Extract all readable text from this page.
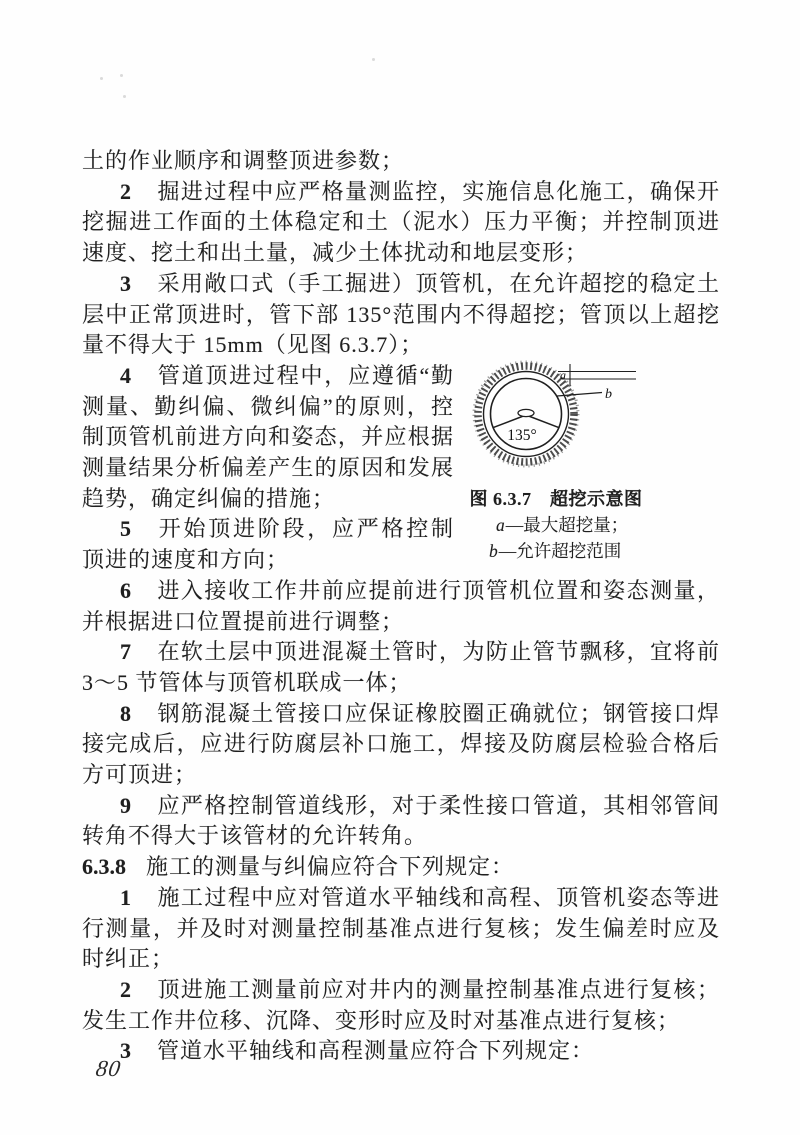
土的作业顺序和调整顶进参数；

2 掘进过程中应严格量测监控，实施信息化施工，确保开挖掘进工作面的土体稳定和土（泥水）压力平衡；并控制顶进速度、挖土和出土量，减少土体扰动和地层变形；

3 采用敞口式（手工掘进）顶管机，在允许超挖的稳定土层中正常顶进时，管下部 135°范围内不得超挖；管顶以上超挖量不得大于 15mm（见图 6.3.7）；

4 管道顶进过程中，应遵循“勤测量、勤纠偏、微纠偏”的原则，控制顶管机前进方向和姿态，并应根据测量结果分析偏差产生的原因和发展趋势，确定纠偏的措施；

5 开始顶进阶段，应严格控制顶进的速度和方向；

6 进入接收工作井前应提前进行顶管机位置和姿态测量，并根据进口位置提前进行调整；

7 在软土层中顶进混凝土管时，为防止管节飘移，宜将前 3～5 节管体与顶管机联成一体；

8 钢筋混凝土管接口应保证橡胶圈正确就位；钢管接口焊接完成后，应进行防腐层补口施工，焊接及防腐层检验合格后方可顶进；

9 应严格控制管道线形，对于柔性接口管道，其相邻管间转角不得大于该管材的允许转角。

6.3.8 施工的测量与纠偏应符合下列规定：

1 施工过程中应对管道水平轴线和高程、顶管机姿态等进行测量，并及时对测量控制基准点进行复核；发生偏差时应及时纠正；

2 顶进施工测量前应对井内的测量控制基准点进行复核；发生工作井位移、沉降、变形时应及时对基准点进行复核；

3 管道水平轴线和高程测量应符合下列规定：

135°
a
b
图 6.3.7　超挖示意图
a—最大超挖量；
b—允许超挖范围
80
